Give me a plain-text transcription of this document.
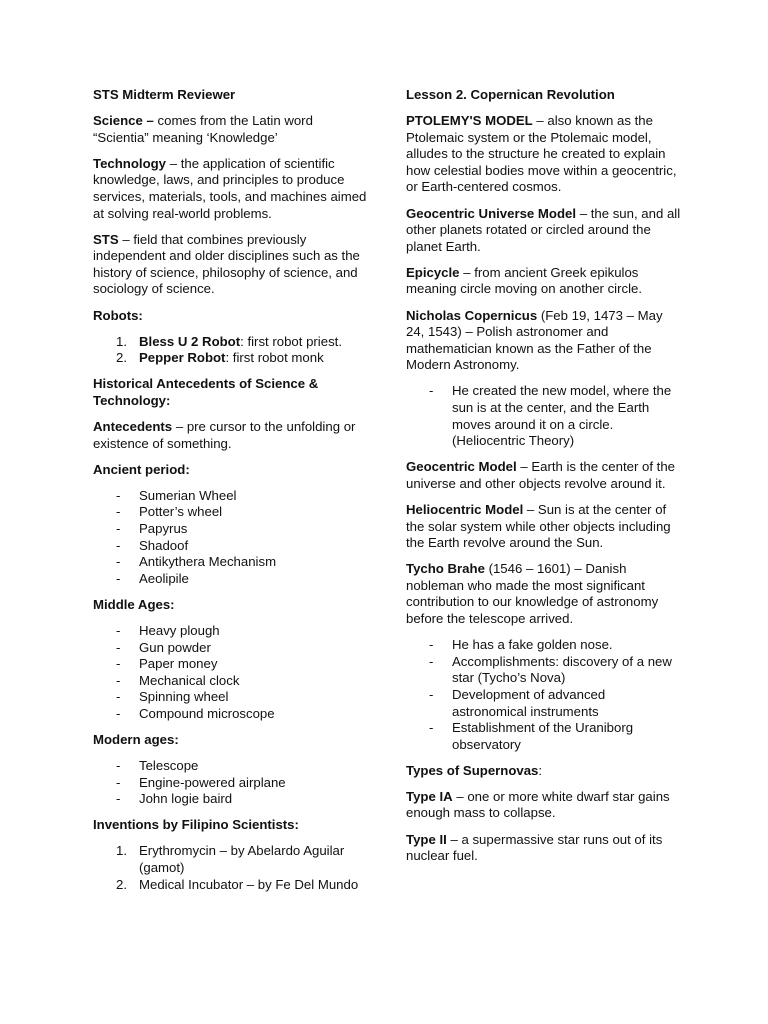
STS Midterm Reviewer

Science – comes from the Latin word “Scientia” meaning ‘Knowledge’

Technology – the application of scientific knowledge, laws, and principles to produce services, materials, tools, and machines aimed at solving real-world problems.

STS – field that combines previously independent and older disciplines such as the history of science, philosophy of science, and sociology of science.

Robots:

1. Bless U 2 Robot: first robot priest.
2. Pepper Robot: first robot monk

Historical Antecedents of Science & Technology:

Antecedents – pre cursor to the unfolding or existence of something.

Ancient period:

- Sumerian Wheel
- Potter’s wheel
- Papyrus
- Shadoof
- Antikythera Mechanism
- Aeolipile

Middle Ages:

- Heavy plough
- Gun powder
- Paper money
- Mechanical clock
- Spinning wheel
- Compound microscope

Modern ages:

- Telescope
- Engine-powered airplane
- John logie baird

Inventions by Filipino Scientists:

1. Erythromycin – by Abelardo Aguilar (gamot)
2. Medical Incubator – by Fe Del Mundo

Lesson 2. Copernican Revolution

PTOLEMY'S MODEL – also known as the Ptolemaic system or the Ptolemaic model, alludes to the structure he created to explain how celestial bodies move within a geocentric, or Earth-centered cosmos.

Geocentric Universe Model – the sun, and all other planets rotated or circled around the planet Earth.

Epicycle – from ancient Greek epikulos meaning circle moving on another circle.

Nicholas Copernicus (Feb 19, 1473 – May 24, 1543) – Polish astronomer and mathematician known as the Father of the Modern Astronomy.

- He created the new model, where the sun is at the center, and the Earth moves around it on a circle. (Heliocentric Theory)

Geocentric Model – Earth is the center of the universe and other objects revolve around it.

Heliocentric Model – Sun is at the center of the solar system while other objects including the Earth revolve around the Sun.

Tycho Brahe (1546 – 1601) – Danish nobleman who made the most significant contribution to our knowledge of astronomy before the telescope arrived.

- He has a fake golden nose.
- Accomplishments: discovery of a new star (Tycho’s Nova)
- Development of advanced astronomical instruments
- Establishment of the Uraniborg observatory

Types of Supernovas:

Type IA – one or more white dwarf star gains enough mass to collapse.

Type II – a supermassive star runs out of its nuclear fuel.
